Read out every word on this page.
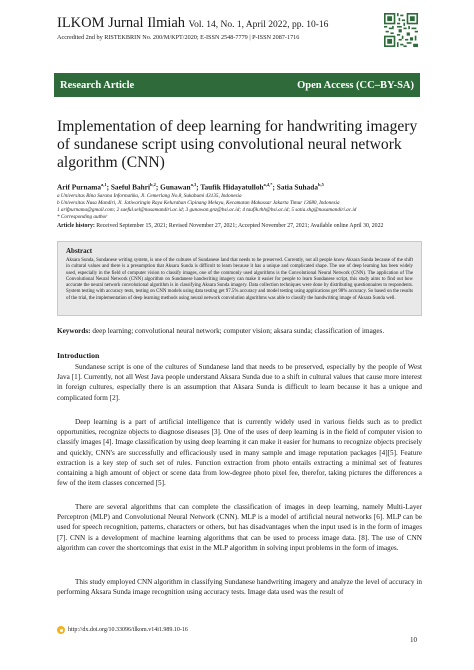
ILKOM Jurnal Ilmiah Vol. 14, No. 1, April 2022, pp. 10-16
Accredited 2nd by RISTEKBRIN No. 200/M/KPT/2020; E-ISSN 2548-7779 | P-ISSN 2087-1716
Research Article	Open Access (CC–BY-SA)
Implementation of deep learning for handwriting imagery of sundanese script using convolutional neural network algorithm (CNN)
Arif Purnama$^{a,1}$; Saeful Bahri$^{b,2}$; Gunawan$^{a,3}$; Taufik Hidayatulloh$^{a,4,*}$; Satia Suhada$^{b,5}$
a Universitas Bina Sarana Informatika, Jl. Cemerlang No.8, Sukabumi 43135, Indonesia
b Universitas Nusa Mandiri, Jl. Jatiwaringin Raya Kelurahan Cipinang Melayu, Kecamatan Makassar Jakarta Timur 13680, Indonesia
1 arifpurnama@gmail.com; 2 saeful.sel@nusamandiri.ac.id; 3 gunawan.gnz@bsi.ac.id; 4 taufik.thh@bsi.ac.id; 5 satia.shg@nusamandiri.ac.id
* Corresponding author
Article history: Received September 15, 2021; Revised November 27, 2021; Accepted November 27, 2021; Available online April 30, 2022
Abstract
Aksara Sunda, Sundanese writing system, is one of the cultures of Sundanese land that needs to be preserved. Currently, not all people know Aksara Sunda because of the shift in cultural values and there is a presumption that Aksara Sunda is difficult to learn because it has a unique and complicated shape. The use of deep learning has been widely used, especially in the field of computer vision to classify images, one of the commonly used algorithms is the Convolutional Neural Network (CNN). The application of The Convolutional Neural Network (CNN) algorithm on Sundanese handwriting imagery can make it easier for people to learn Sundanese script, this study aims to find out how accurate the neural network convolutional algorithm is in classifying Aksara Sunda imagery. Data collection techniques were done by distributing questionnaires to respondents. System testing with accuracy tests, testing on CNN models using data testing get 97.5% accuracy and model testing using applications get 98% accuracy. So based on the results of the trial, the implementation of deep learning methods using neural network convolution algorithms was able to classify the handwriting image of Aksara Sunda well.
Keywords: deep learning; convolutional neural network; computer vision; aksara sunda; classification of images.
Introduction
Sundanese script is one of the cultures of Sundanese land that needs to be preserved, especially by the people of West Java [1]. Currently, not all West Java people understand Aksara Sunda due to a shift in cultural values that cause more interest in foreign cultures, especially there is an assumption that Aksara Sunda is difficult to learn because it has a unique and complicated form [2].
Deep learning is a part of artificial intelligence that is currently widely used in various fields such as to predict opportunities, recognize objects to diagnose diseases [3]. One of the uses of deep learning is in the field of computer vision to classify images [4]. Image classification by using deep learning it can make it easier for humans to recognize objects precisely and quickly, CNN's are successfully and efficaciously used in many sample and image reputation packages [4][5]. Feature extraction is a key step of such set of rules. Function extraction from photo entails extracting a minimal set of features containing a high amount of object or scene data from low-degree photo pixel fee, therefor, taking pictures the differences a few of the item classes concerned [5].
There are several algorithms that can complete the classification of images in deep learning, namely Multi-Layer Perceptron (MLP) and Convolutional Neural Network (CNN). MLP is a model of artificial neural networks [6]. MLP can be used for speech recognition, patterns, characters or others, but has disadvantages when the input used is in the form of images [7]. CNN is a development of machine learning algorithms that can be used to process image data. [8]. The use of CNN algorithm can cover the shortcomings that exist in the MLP algorithm in solving input problems in the form of images.
This study employed CNN algorithm in classifying Sundanese handwriting imagery and analyze the level of accuracy in performing Aksara Sunda image recognition using accuracy tests. Image data used was the result of
http://dx.doi.org/10.33096/ilkom.v14i1.989.10-16
10
